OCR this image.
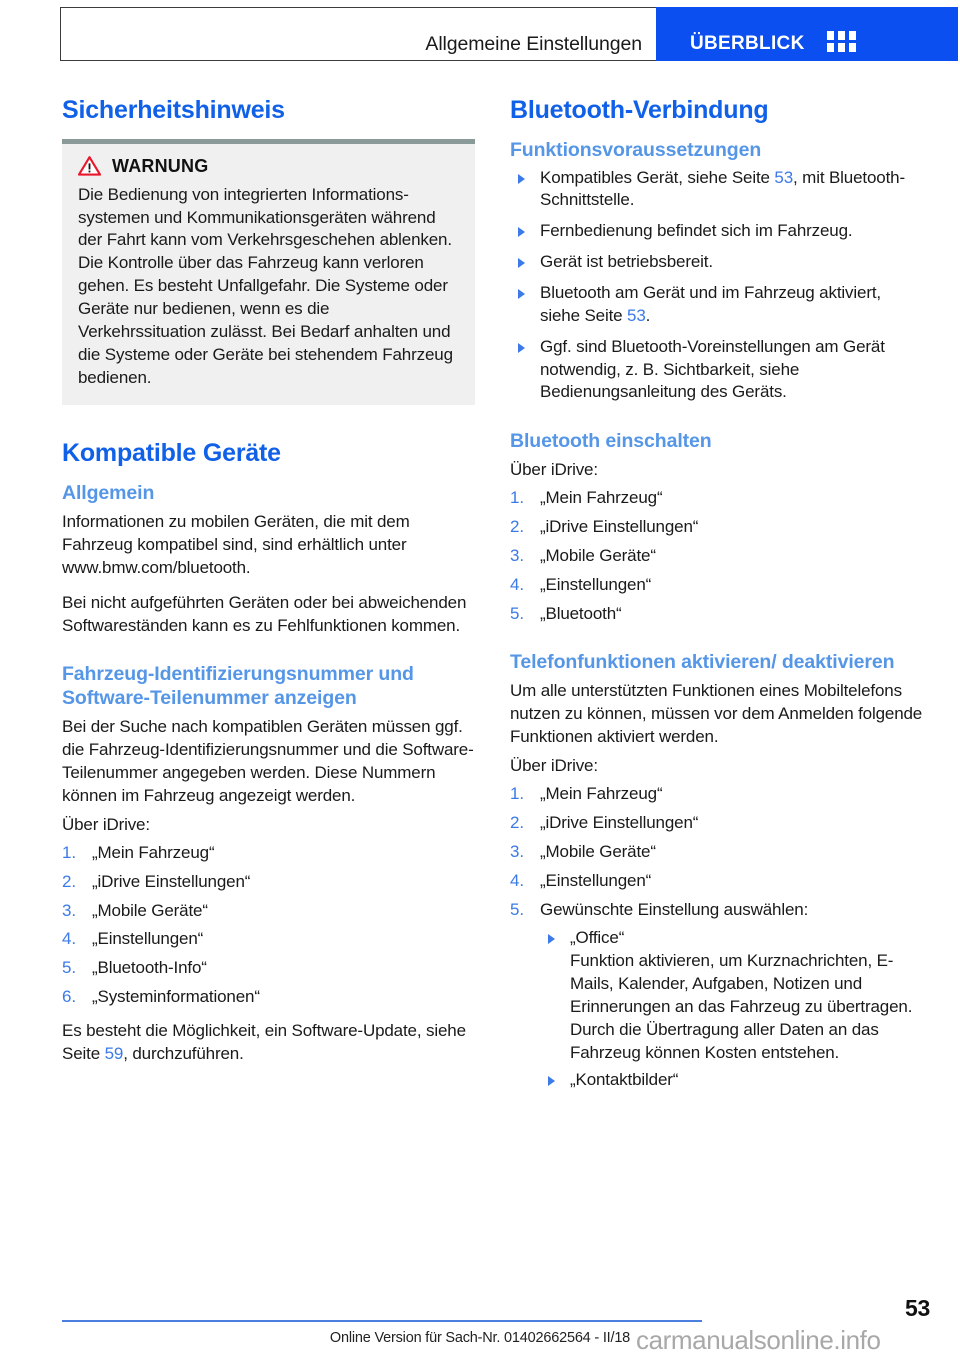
Allgemeine Einstellungen	ÜBERBLICK
Sicherheitshinweis
WARNUNG

Die Bedienung von integrierten Informations-systemen und Kommunikationsgeräten während der Fahrt kann vom Verkehrsgeschehen ablenken. Die Kontrolle über das Fahrzeug kann verloren gehen. Es besteht Unfallgefahr. Die Systeme oder Geräte nur bedienen, wenn es die Verkehrssituation zulässt. Bei Bedarf anhalten und die Systeme oder Geräte bei stehendem Fahrzeug bedienen.

Kompatible Geräte
Allgemein

Informationen zu mobilen Geräten, die mit dem Fahrzeug kompatibel sind, sind erhältlich unter www.bmw.com/bluetooth.

Bei nicht aufgeführten Geräten oder bei abweichenden Softwareständen kann es zu Fehlfunktionen kommen.

Fahrzeug-Identifizierungsnummer und Software-Teilenummer anzeigen

Bei der Suche nach kompatiblen Geräten müssen ggf. die Fahrzeug-Identifizierungsnummer und die Software-Teilenummer angegeben werden. Diese Nummern können im Fahrzeug angezeigt werden.

Über iDrive:

„Mein Fahrzeug“
„iDrive Einstellungen“
„Mobile Geräte“
„Einstellungen“
„Bluetooth-Info“
„Systeminformationen“

Es besteht die Möglichkeit, ein Software-Update, siehe Seite 59, durchzuführen.

Bluetooth-Verbindung
Funktionsvoraussetzungen
Kompatibles Gerät, siehe Seite 53, mit Bluetooth-Schnittstelle.
Fernbedienung befindet sich im Fahrzeug.
Gerät ist betriebsbereit.
Bluetooth am Gerät und im Fahrzeug aktiviert, siehe Seite 53.
Ggf. sind Bluetooth-Voreinstellungen am Gerät notwendig, z. B. Sichtbarkeit, siehe Bedienungsanleitung des Geräts.
Bluetooth einschalten

Über iDrive:

„Mein Fahrzeug“
„iDrive Einstellungen“
„Mobile Geräte“
„Einstellungen“
„Bluetooth“
Telefonfunktionen aktivieren/ deaktivieren

Um alle unterstützten Funktionen eines Mobiltelefons nutzen zu können, müssen vor dem Anmelden folgende Funktionen aktiviert werden.

Über iDrive:

„Mein Fahrzeug“
„iDrive Einstellungen“
„Mobile Geräte“
„Einstellungen“
Gewünschte Einstellung auswählen:
„Office“
Funktion aktivieren, um Kurznachrichten, E-Mails, Kalender, Aufgaben, Notizen und Erinnerungen an das Fahrzeug zu übertragen. Durch die Übertragung aller Daten an das Fahrzeug können Kosten entstehen.
„Kontaktbilder“
53
Online Version für Sach-Nr. 01402662564 - II/18 carmanualsonline.info
